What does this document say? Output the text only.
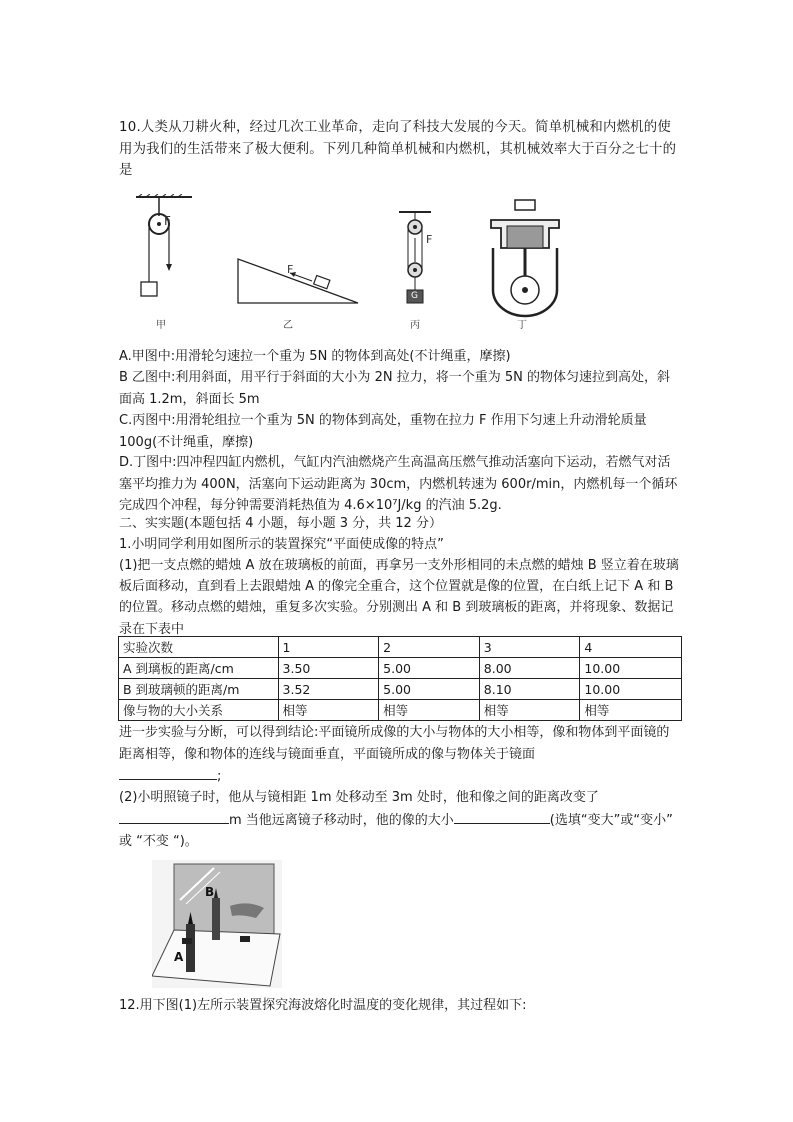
10.人类从刀耕火种，经过几次工业革命，走向了科技大发展的今天。简单机械和内燃机的使用为我们的生活带来了极大便利。下列几种简单机械和内燃机，其机械效率大于百分之七十的是
F
甲
F
乙
F
G
丙	丁
A.甲图中:用滑轮匀速拉一个重为 5N 的物体到高处(不计绳重，摩擦)
B 乙图中:利用斜面，用平行于斜面的大小为 2N 拉力，将一个重为 5N 的物体匀速拉到高处，斜面高 1.2m，斜面长 5m
C.丙图中:用滑轮组拉一个重为 5N 的物体到高处，重物在拉力 F 作用下匀速上升动滑轮质量 100g(不计绳重，摩擦)
D.丁图中:四冲程四缸内燃机，气缸内汽油燃烧产生高温高压燃气推动活塞向下运动，若燃气对活塞平均推力为 400N，活塞向下运动距离为 30cm，内燃机转速为 600r/min，内燃机每一个循环完成四个冲程，每分钟需要消耗热值为 4.6×10⁷J/kg 的汽油 5.2g.
二、实实题(本题包括 4 小题，每小题 3 分，共 12 分）
1.小明同学利用如图所示的装置探究“平面使成像的特点”
(1)把一支点燃的蜡烛 A 放在玻璃板的前面，再拿另一支外形相同的未点燃的蜡烛 B 竖立着在玻璃板后面移动，直到看上去跟蜡烛 A 的像完全重合，这个位置就是像的位置，在白纸上记下 A 和 B 的位置。移动点燃的蜡烛，重复多次实验。分别测出 A 和 B 到玻璃板的距离，并将现象、数据记录在下表中
实验次数	1	2	3	4
A 到璃板的距离/cm	3.50	5.00	8.00	10.00
B 到玻璃顿的距离/m	3.52	5.00	8.10	10.00
像与物的大小关系	相等	相等	相等	相等
进一步实验与分断，可以得到结论:平面镜所成像的大小与物体的大小相等，像和物体到平面镜的距离相等，像和物体的连线与镜面垂直，平面镜所成的像与物体关于镜面
;
(2)小明照镜子时，他从与镜相距 1m 处移动至 3m 处时，他和像之间的距离改变了
m 当他远离镜子移动时，他的像的大小	(选填“变大”或“变小” 或 “不变 “)。
B
A
12.用下图(1)左所示装置探究海波熔化时温度的变化规律，其过程如下:
